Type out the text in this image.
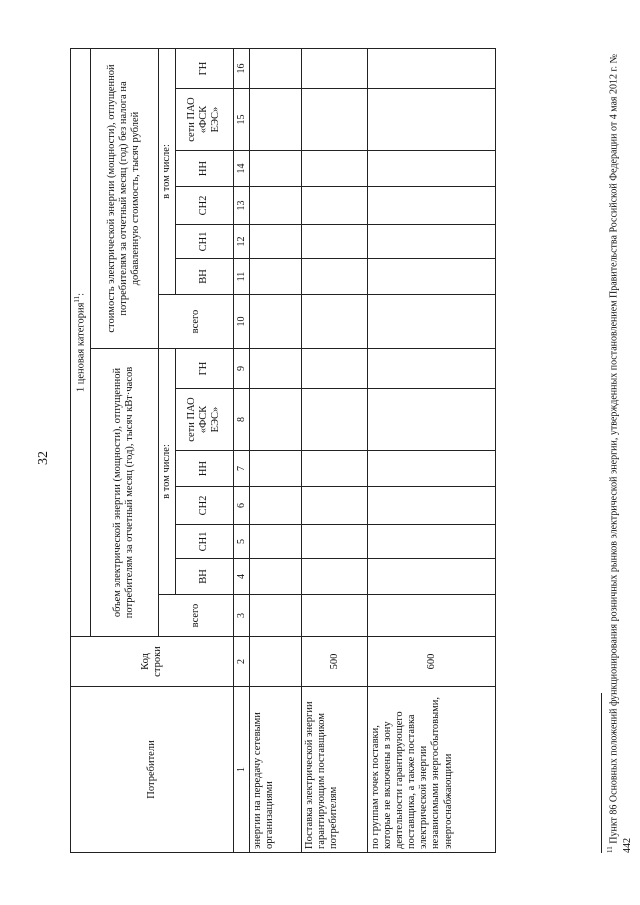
32
Потребители	Код строки	1 ценовая категория$^{11}$:													
		объем электрической энергии (мощности), отпущенной потребителям за отчетный месяц (год), тысяч кВт·часов							стоимость электрической энергии (мощности), отпущенной потребителям за отчетный месяц (год) без налога на добавленную стоимость, тысяч рублей						
		всего	в том числе:						всего	в том числе:					
			ВН	СН1	СН2	НН	сети ПАО «ФСК ЕЭС»	ГН		ВН	СН1	СН2	НН	сети ПАО «ФСК ЕЭС»	ГН
1	2	3	4	5	6	7	8	9	10	11	12	13	14	15	16
энергии на передачу сетевыми организациями															
Поставка электрической энергии гарантирующим поставщиком потребителям	500														
по группам точек поставки, которые не включены в зону деятельности гарантирующего поставщика, а также поставка электрической энергии независимыми энергосбытовыми, энергоснабжающими	600														
$^{11}$ Пункт 86 Основных положений функционирования розничных рынков электрической энергии, утвержденных постановлением Правительства Российской Федерации от 4 мая 2012 г. № 442
